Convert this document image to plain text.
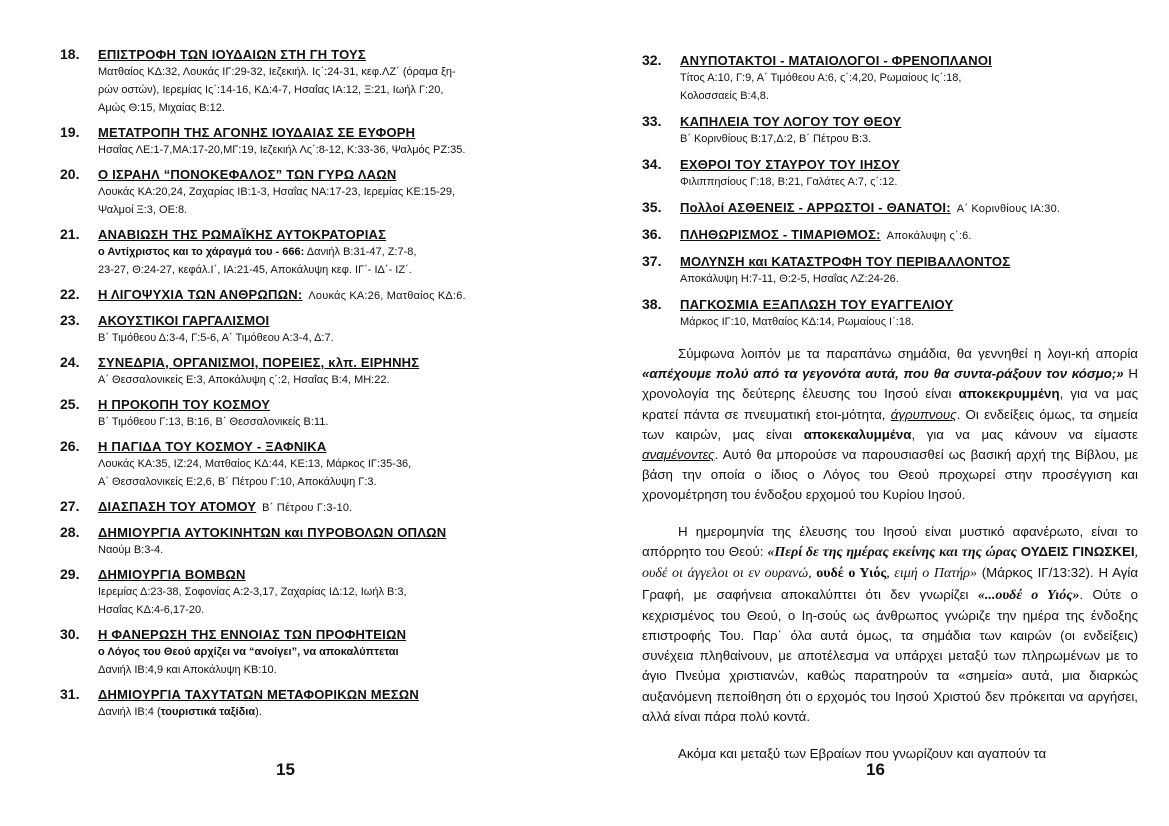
18. ΕΠΙΣΤΡΟΦΗ ΤΩΝ ΙΟΥΔΑΙΩΝ ΣΤΗ ΓΗ ΤΟΥΣ
Ματθαίος ΚΔ:32, Λουκάς ΙΓ:29-32, Ιεζεκιήλ. Ις΄:24-31, κεφ.ΛΖ΄ (όραμα ξη-
ρών οστών), Ιερεμίας Ις΄:14-16, ΚΔ:4-7, Ησαΐας ΙΑ:12, Ξ:21, Ιωήλ Γ:20,
Αμώς Θ:15, Μιχαίας Β:12.
19. ΜΕΤΑΤΡΟΠΗ ΤΗΣ ΑΓΟΝΗΣ ΙΟΥΔΑΙΑΣ ΣΕ ΕΥΦΟΡΗ
Ησαΐας ΛΕ:1-7,ΜΑ:17-20,ΜΓ:19, Ιεζεκιήλ Λς΄:8-12, Κ:33-36, Ψαλμός ΡΖ:35.
20. Ο ΙΣΡΑΗΛ “ΠΟΝΟΚΕΦΑΛΟΣ” ΤΩΝ ΓΥΡΩ ΛΑΩΝ
Λουκάς ΚΑ:20,24, Ζαχαρίας ΙΒ:1-3, Ησαΐας ΝΑ:17-23, Ιερεμίας ΚΕ:15-29,
Ψαλμοί Ξ:3, ΟΕ:8.
21. ΑΝΑΒΙΩΣΗ ΤΗΣ ΡΩΜΑΪΚΗΣ ΑΥΤΟΚΡΑΤΟΡΙΑΣ
ο Αντίχριστος και το χάραγμά του - 666: Δανιήλ Β:31-47, Ζ:7-8,
23-27, Θ:24-27, κεφάλ.Ι΄, ΙΑ:21-45, Αποκάλυψη κεφ. ΙΓ΄- ΙΔ΄- ΙΖ΄.
22. Η ΛΙΓΟΨΥΧΙΑ ΤΩΝ ΑΝΘΡΩΠΩΝ: Λουκάς ΚΑ:26, Ματθαίος ΚΔ:6.
23. ΑΚΟΥΣΤΙΚΟΙ ΓΑΡΓΑΛΙΣΜΟΙ
Β΄ Τιμόθεου Δ:3-4, Γ:5-6, Α΄ Τιμόθεου Α:3-4, Δ:7.
24. ΣΥΝΕΔΡΙΑ, ΟΡΓΑΝΙΣΜΟΙ, ΠΟΡΕΙΕΣ, κλπ. ΕΙΡΗΝΗΣ
Α΄ Θεσσαλονικείς Ε:3, Αποκάλυψη ς΄:2, Ησαΐας Β:4, ΜΗ:22.
25. Η ΠΡΟΚΟΠΗ ΤΟΥ ΚΟΣΜΟΥ
Β΄ Τιμόθεου Γ:13, Β:16, Β΄ Θεσσαλονικείς Β:11.
26. Η ΠΑΓΙΔΑ ΤΟΥ ΚΟΣΜΟΥ - ΞΑΦΝΙΚΑ
Λουκάς ΚΑ:35, ΙΖ:24, Ματθαίος ΚΔ:44, ΚΕ:13, Μάρκος ΙΓ:35-36,
Α΄ Θεσσαλονικείς Ε:2,6, Β΄ Πέτρου Γ:10, Αποκάλυψη Γ:3.
27. ΔΙΑΣΠΑΣΗ ΤΟΥ ΑΤΟΜΟΥ Β΄ Πέτρου Γ:3-10.
28. ΔΗΜΙΟΥΡΓΙΑ ΑΥΤΟΚΙΝΗΤΩΝ και ΠΥΡΟΒΟΛΩΝ ΟΠΛΩΝ
Ναούμ Β:3-4.
29. ΔΗΜΙΟΥΡΓΙΑ ΒΟΜΒΩΝ
Ιερεμίας Δ:23-38, Σοφονίας Α:2-3,17, Ζαχαρίας ΙΔ:12, Ιωήλ Β:3,
Ησαΐας ΚΔ:4-6,17-20.
30. Η ΦΑΝΕΡΩΣΗ ΤΗΣ ΕΝΝΟΙΑΣ ΤΩΝ ΠΡΟΦΗΤΕΙΩΝ
ο Λόγος του Θεού αρχίζει να “ανοίγει”, να αποκαλύπτεται
Δανιήλ ΙΒ:4,9 και Αποκάλυψη ΚΒ:10.
31. ΔΗΜΙΟΥΡΓΙΑ ΤΑΧΥΤΑΤΩΝ ΜΕΤΑΦΟΡΙΚΩΝ ΜΕΣΩΝ
Δανιήλ ΙΒ:4 (τουριστικά ταξίδια).
15
32. ΑΝΥΠΟΤΑΚΤΟΙ - ΜΑΤΑΙΟΛΟΓΟΙ - ΦΡΕΝΟΠΛΑΝΟΙ
Τίτος Α:10, Γ:9, Α΄ Τιμόθεου Α:6, ς΄:4,20, Ρωμαίους Ις΄:18,
Κολοσσαείς Β:4,8.
33. ΚΑΠΗΛΕΙΑ ΤΟΥ ΛΟΓΟΥ ΤΟΥ ΘΕΟΥ
Β΄ Κορινθίους Β:17,Δ:2, Β΄ Πέτρου Β:3.
34. ΕΧΘΡΟΙ ΤΟΥ ΣΤΑΥΡΟΥ ΤΟΥ ΙΗΣΟΥ
Φιλιππησίους Γ:18, Β:21, Γαλάτες Α:7, ς΄:12.
35. Πολλοί ΑΣΘΕΝΕΙΣ - ΑΡΡΩΣΤΟΙ - ΘΑΝΑΤΟΙ: Α΄ Κορινθίους ΙΑ:30.
36. ΠΛΗΘΩΡΙΣΜΟΣ - ΤΙΜΑΡΙΘΜΟΣ: Αποκάλυψη ς΄:6.
37. ΜΟΛΥΝΣΗ και ΚΑΤΑΣΤΡΟΦΗ ΤΟΥ ΠΕΡΙΒΑΛΛΟΝΤΟΣ
Αποκάλυψη Η:7-11, Θ:2-5, Ησαΐας ΛΖ:24-26.
38. ΠΑΓΚΟΣΜΙΑ ΕΞΑΠΛΩΣΗ ΤΟΥ ΕΥΑΓΓΕΛΙΟΥ
Μάρκος ΙΓ:10, Ματθαίος ΚΔ:14, Ρωμαίους Ι΄:18.
Σύμφωνα λοιπόν με τα παραπάνω σημάδια, θα γεννηθεί η λογι-κή απορία «απέχουμε πολύ από τα γεγονότα αυτά, που θα συντα-ράξουν τον κόσμο;» Η χρονολογία της δεύτερης έλευσης του Ιησού είναι αποκεκρυμμένη, για να μας κρατεί πάντα σε πνευματική ετοι-μότητα, άγρυπνους. Οι ενδείξεις όμως, τα σημεία των καιρών, μας είναι αποκεκαλυμμένα, για να μας κάνουν να είμαστε αναμένοντες. Αυτό θα μπορούσε να παρουσιασθεί ως βασική αρχή της Βίβλου, με βάση την οποία ο ίδιος ο Λόγος του Θεού προχωρεί στην προσέγγιση και χρονομέτρηση του ένδοξου ερχομού του Κυρίου Ιησού.
Η ημερομηνία της έλευσης του Ιησού είναι μυστικό αφανέρωτο, είναι το απόρρητο του Θεού: «Περί δε της ημέρας εκείνης και της ώρας ΟΥΔΕΙΣ ΓΙΝΩΣΚΕΙ, ουδέ οι άγγελοι οι εν ουρανώ, ουδέ ο Υιός, ειμή ο Πατήρ» (Μάρκος ΙΓ/13:32). Η Αγία Γραφή, με σαφήνεια αποκαλύπτει ότι δεν γνωρίζει «...ουδέ ο Υιός». Ούτε ο κεχρισμένος του Θεού, ο Ιη-σούς ως άνθρωπος γνώριζε την ημέρα της ένδοξης επιστροφής Του. Παρ΄ όλα αυτά όμως, τα σημάδια των καιρών (οι ενδείξεις) συνέχεια πληθαίνουν, με αποτέλεσμα να υπάρχει μεταξύ των πληρωμένων με το άγιο Πνεύμα χριστιανών, καθώς παρατηρούν τα «σημεία» αυτά, μια διαρκώς αυξανόμενη πεποίθηση ότι ο ερχομός του Ιησού Χριστού δεν πρόκειται να αργήσει, αλλά είναι πάρα πολύ κοντά.
Ακόμα και μεταξύ των Εβραίων που γνωρίζουν και αγαπούν τα
16
